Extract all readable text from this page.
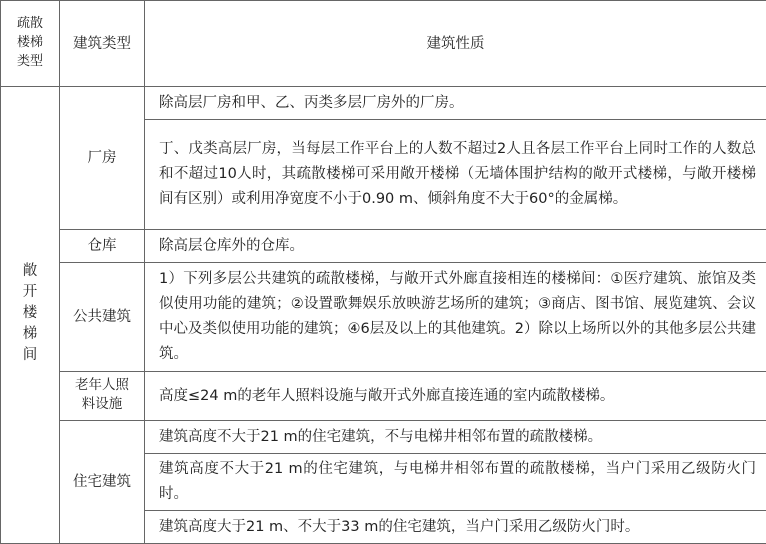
疏散楼梯类型	建筑类型	建筑性质
敞开楼梯间	厂房	除高层厂房和甲、乙、丙类多层厂房外的厂房。
		丁、戊类高层厂房，当每层工作平台上的人数不超过2人且各层工作平台上同时工作的人数总和不超过10人时，其疏散楼梯可采用敞开楼梯（无墙体围护结构的敞开式楼梯，与敞开楼梯间有区别）或利用净宽度不小于0.90 m、倾斜角度不大于60°的金属梯。
	仓库	除高层仓库外的仓库。
	公共建筑	1）下列多层公共建筑的疏散楼梯，与敞开式外廊直接相连的楼梯间：①医疗建筑、旅馆及类似使用功能的建筑；②设置歌舞娱乐放映游艺场所的建筑；③商店、图书馆、展览建筑、会议中心及类似使用功能的建筑；④6层及以上的其他建筑。2）除以上场所以外的其他多层公共建筑。
	老年人照料设施	高度≤24 m的老年人照料设施与敞开式外廊直接连通的室内疏散楼梯。
	住宅建筑	建筑高度不大于21 m的住宅建筑，不与电梯井相邻布置的疏散楼梯。
		建筑高度不大于21 m的住宅建筑，与电梯井相邻布置的疏散楼梯，当户门采用乙级防火门时。
		建筑高度大于21 m、不大于33 m的住宅建筑，当户门采用乙级防火门时。
